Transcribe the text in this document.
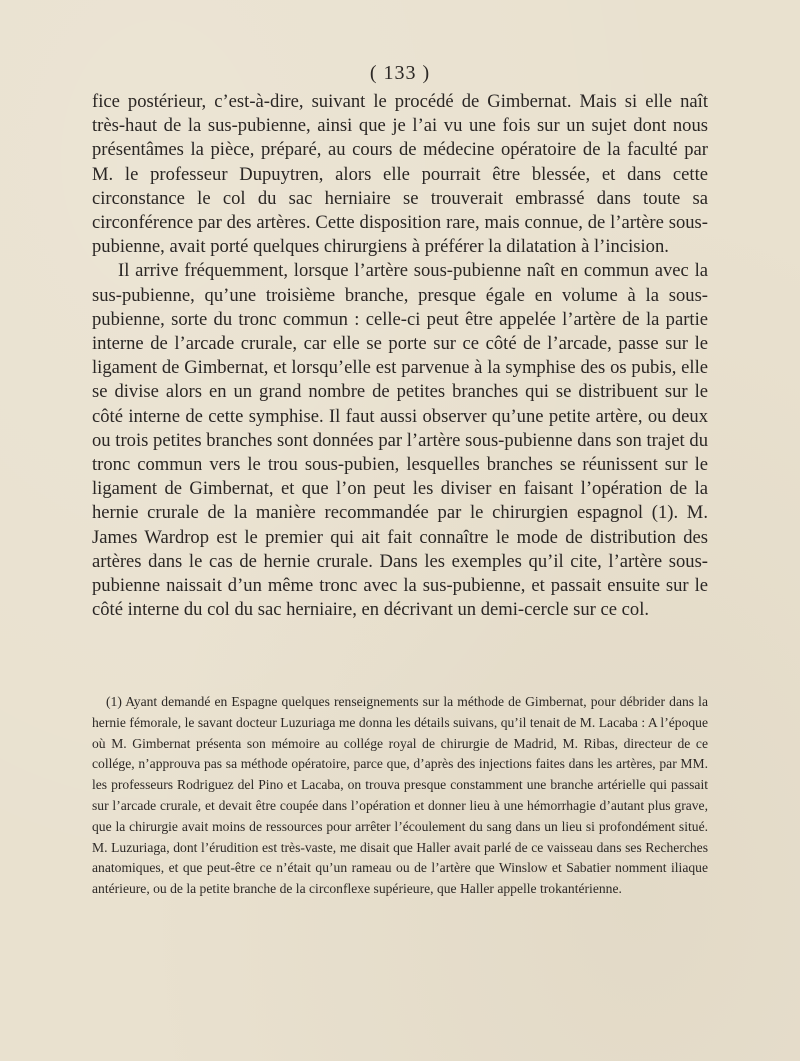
( 133 )

fice postérieur, c’est-à-dire, suivant le procédé de Gimbernat. Mais si elle naît très-haut de la sus-pubienne, ainsi que je l’ai vu une fois sur un sujet dont nous présentâmes la pièce, préparé, au cours de médecine opératoire de la faculté par M. le professeur Dupuytren, alors elle pourrait être blessée, et dans cette circonstance le col du sac herniaire se trouverait embrassé dans toute sa circonférence par des artères. Cette disposition rare, mais connue, de l’artère sous-pubienne, avait porté quelques chirurgiens à préférer la dilatation à l’incision.

Il arrive fréquemment, lorsque l’artère sous-pubienne naît en commun avec la sus-pubienne, qu’une troisième branche, presque égale en volume à la sous-pubienne, sorte du tronc commun : celle-ci peut être appelée l’artère de la partie interne de l’arcade crurale, car elle se porte sur ce côté de l’arcade, passe sur le ligament de Gimbernat, et lorsqu’elle est parvenue à la symphise des os pubis, elle se divise alors en un grand nombre de petites branches qui se distribuent sur le côté interne de cette symphise. Il faut aussi observer qu’une petite artère, ou deux ou trois petites branches sont données par l’artère sous-pubienne dans son trajet du tronc commun vers le trou sous-pubien, lesquelles branches se réunissent sur le ligament de Gimbernat, et que l’on peut les diviser en faisant l’opération de la hernie crurale de la manière recommandée par le chirurgien espagnol (1). M. James Wardrop est le premier qui ait fait connaître le mode de distribution des artères dans le cas de hernie crurale. Dans les exemples qu’il cite, l’artère sous-pubienne naissait d’un même tronc avec la sus-pubienne, et passait ensuite sur le côté interne du col du sac herniaire, en décrivant un demi-cercle sur ce col.

(1) Ayant demandé en Espagne quelques renseignements sur la méthode de Gimbernat, pour débrider dans la hernie fémorale, le savant docteur Luzuriaga me donna les détails suivans, qu’il tenait de M. Lacaba : A l’époque où M. Gimbernat présenta son mémoire au collége royal de chirurgie de Madrid, M. Ribas, directeur de ce collége, n’approuva pas sa méthode opératoire, parce que, d’après des injections faites dans les artères, par MM. les professeurs Rodriguez del Pino et Lacaba, on trouva presque constamment une branche artérielle qui passait sur l’arcade crurale, et devait être coupée dans l’opération et donner lieu à une hémorrhagie d’autant plus grave, que la chirurgie avait moins de ressources pour arrêter l’écoulement du sang dans un lieu si profondément situé. M. Luzuriaga, dont l’érudition est très-vaste, me disait que Haller avait parlé de ce vaisseau dans ses Recherches anatomiques, et que peut-être ce n’était qu’un rameau ou de l’artère que Winslow et Sabatier nomment iliaque antérieure, ou de la petite branche de la circonflexe supérieure, que Haller appelle trokantérienne.
